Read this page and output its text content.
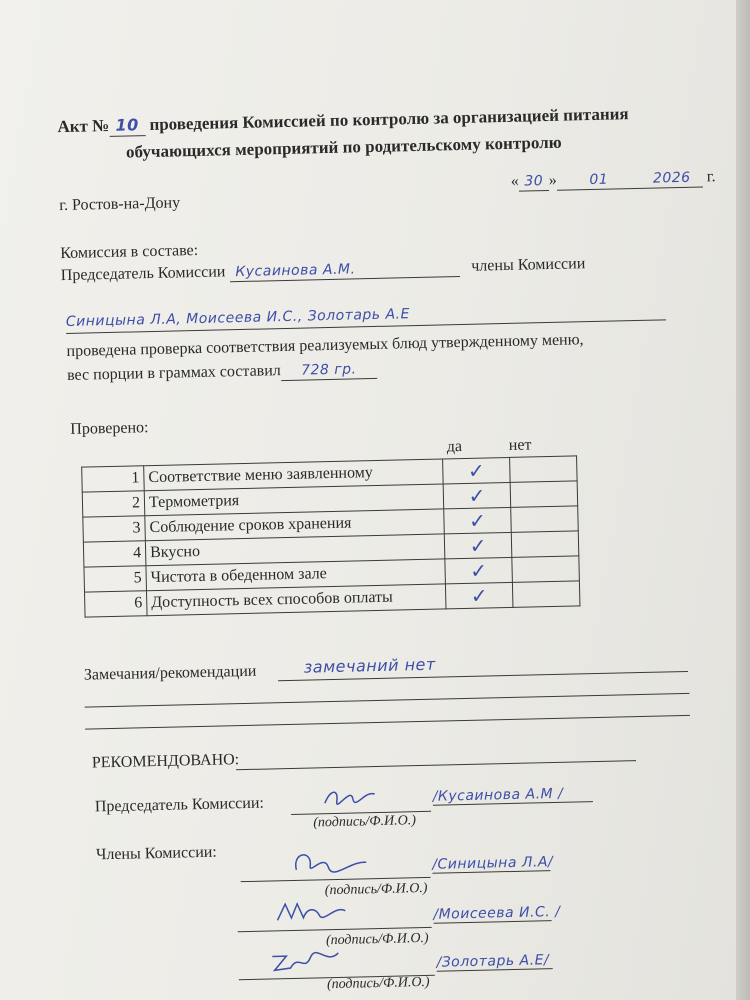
Акт № 10 проведения Комиссией по контролю за организацией питания
обучающихся мероприятий по родительскому контролю
г. Ростов-на-Дону
« 30 » 01	2026 г.
Комиссия в составе:
Председатель Комиссии Кусаинова А.М.	члены Комиссии
Синицына Л.А, Моисеева И.С., Золотарь А.Е
проведена проверка соответствия реализуемых блюд утвержденному меню,
вес порции в граммах составил 728 гр.
Проверено:
да	нет
1	Соответствие меню заявленному	✓	
2	Термометрия	✓	
3	Соблюдение сроков хранения	✓	
4	Вкусно	✓	
5	Чистота в обеденном зале	✓	
6	Доступность всех способов оплаты	✓	
Замечания/рекомендации	замечаний нет
РЕКОМЕНДОВАНО:
Председатель Комиссии:	/Кусаинова А.М /
(подпись/Ф.И.О.)
Члены Комиссии:
/Синицына Л.А/
(подпись/Ф.И.О.)
/Моисеева И.С. /
(подпись/Ф.И.О.)
/Золотарь А.Е/
(подпись/Ф.И.О.)
